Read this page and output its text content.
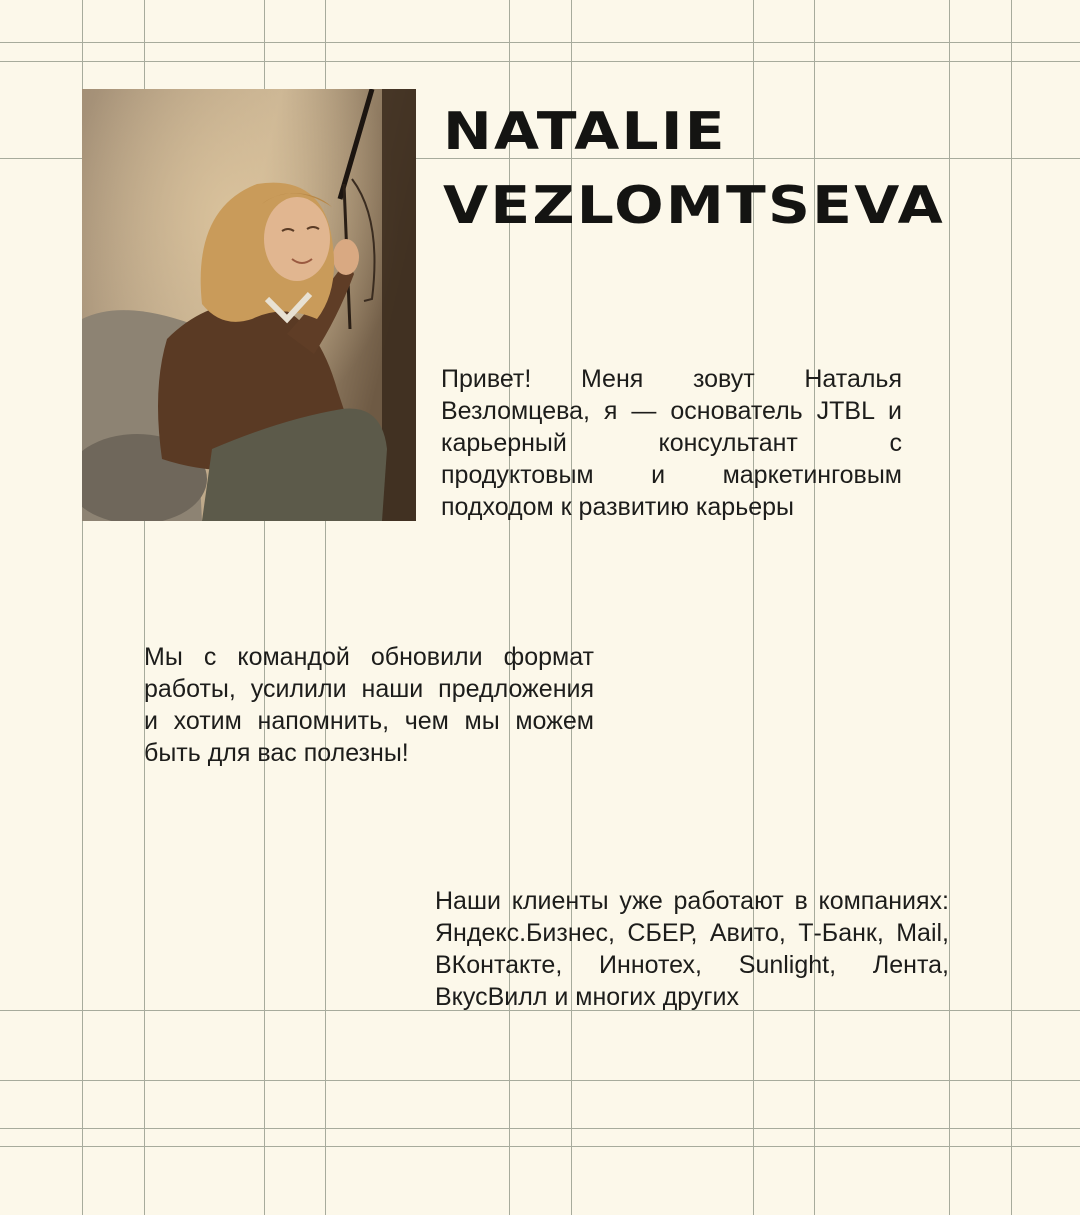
NATALIE
VEZLOMTSEVA

Привет! Меня зовут Наталья
Везломцева, я — основатель JTBL и
карьерный консультант с
продуктовым и маркетинговым
подходом к развитию карьеры

Мы с командой обновили формат
работы, усилили наши предложения
и хотим напомнить, чем мы можем
быть для вас полезны!

Наши клиенты уже работают в компаниях:
Яндекс.Бизнес, СБЕР, Авито, Т-Банк, Mail,
ВКонтакте, Иннотех, Sunlight, Лента,
ВкусВилл и многих других
